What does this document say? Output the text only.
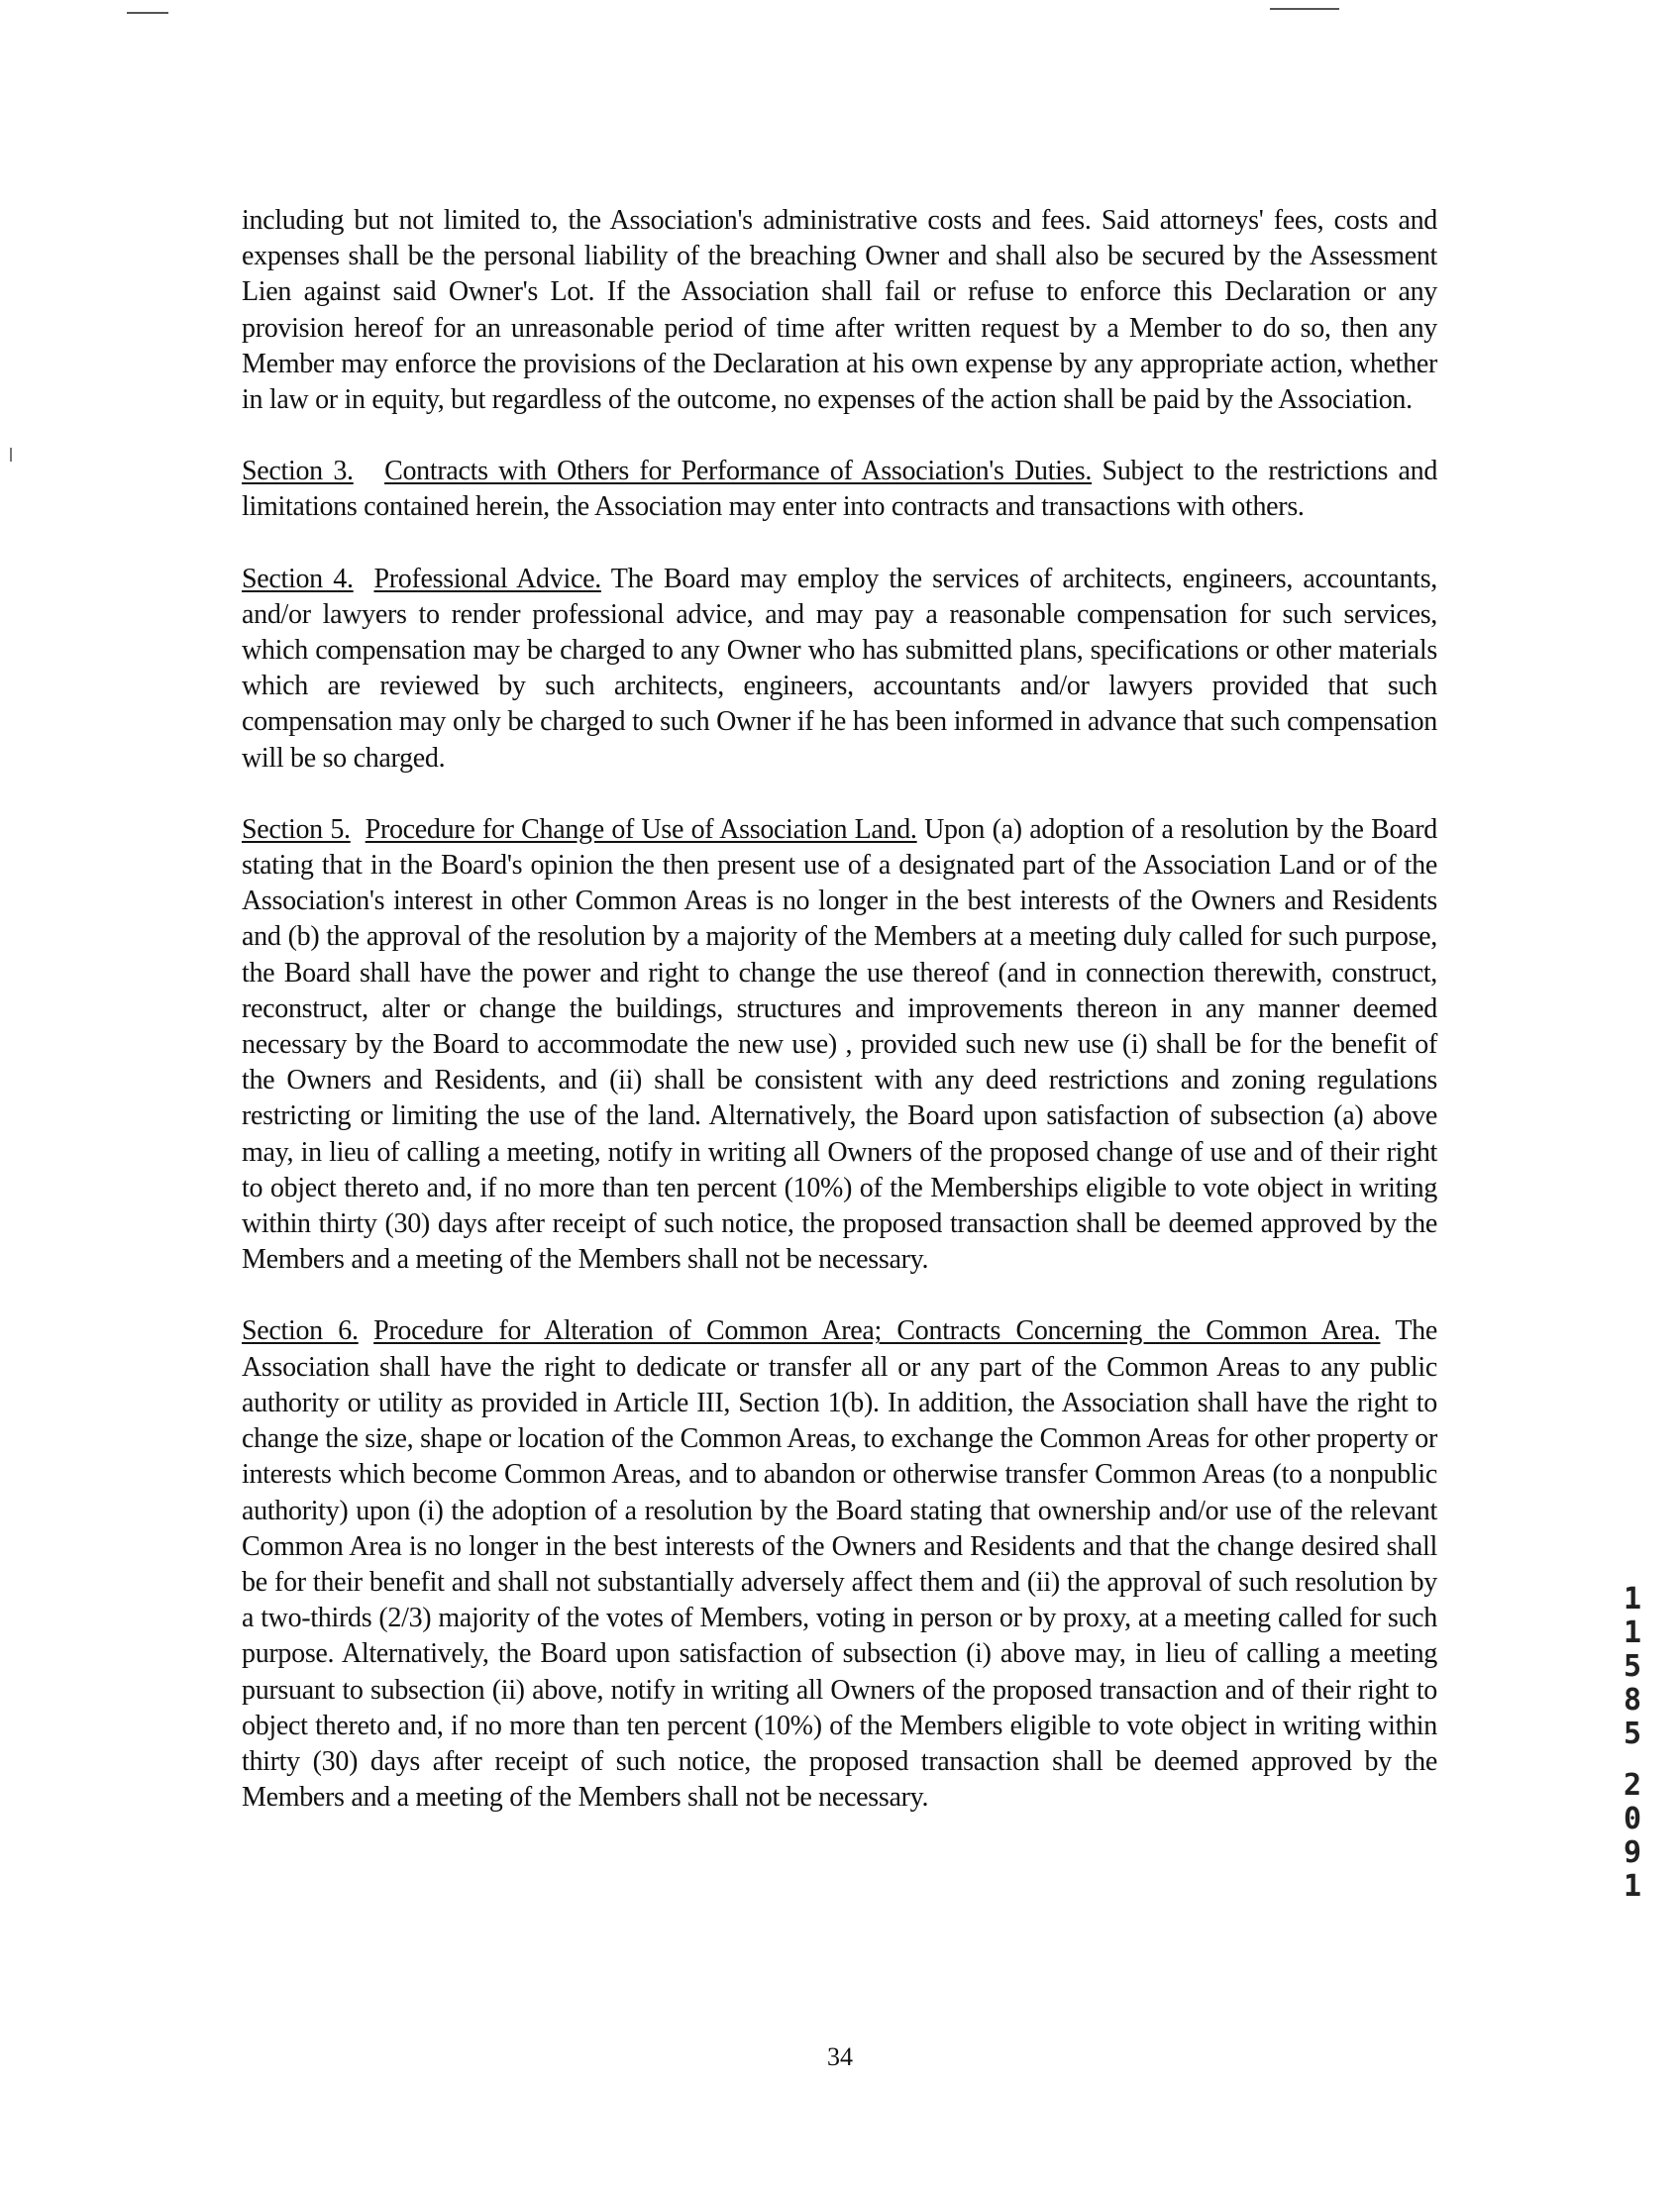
including but not limited to, the Association's administrative costs and fees. Said attorneys' fees, costs and expenses shall be the personal liability of the breaching Owner and shall also be secured by the Assessment Lien against said Owner's Lot. If the Association shall fail or refuse to enforce this Declaration or any provision hereof for an unreasonable period of time after written request by a Member to do so, then any Member may enforce the provisions of the Declaration at his own expense by any appropriate action, whether in law or in equity, but regardless of the outcome, no expenses of the action shall be paid by the Association.

Section 3. Contracts with Others for Performance of Association's Duties. Subject to the restrictions and limitations contained herein, the Association may enter into contracts and transactions with others.

Section 4. Professional Advice. The Board may employ the services of architects, engineers, accountants, and/or lawyers to render professional advice, and may pay a reasonable compensation for such services, which compensation may be charged to any Owner who has submitted plans, specifications or other materials which are reviewed by such architects, engineers, accountants and/or lawyers provided that such compensation may only be charged to such Owner if he has been informed in advance that such compensation will be so charged.

Section 5. Procedure for Change of Use of Association Land. Upon (a) adoption of a resolution by the Board stating that in the Board's opinion the then present use of a designated part of the Association Land or of the Association's interest in other Common Areas is no longer in the best interests of the Owners and Residents and (b) the approval of the resolution by a majority of the Members at a meeting duly called for such purpose, the Board shall have the power and right to change the use thereof (and in connection therewith, construct, reconstruct, alter or change the buildings, structures and improvements thereon in any manner deemed necessary by the Board to accommodate the new use) , provided such new use (i) shall be for the benefit of the Owners and Residents, and (ii) shall be consistent with any deed restrictions and zoning regulations restricting or limiting the use of the land. Alternatively, the Board upon satisfaction of subsection (a) above may, in lieu of calling a meeting, notify in writing all Owners of the proposed change of use and of their right to object thereto and, if no more than ten percent (10%) of the Memberships eligible to vote object in writing within thirty (30) days after receipt of such notice, the proposed transaction shall be deemed approved by the Members and a meeting of the Members shall not be necessary.

Section 6. Procedure for Alteration of Common Area; Contracts Concerning the Common Area. The Association shall have the right to dedicate or transfer all or any part of the Common Areas to any public authority or utility as provided in Article III, Section 1(b). In addition, the Association shall have the right to change the size, shape or location of the Common Areas, to exchange the Common Areas for other property or interests which become Common Areas, and to abandon or otherwise transfer Common Areas (to a nonpublic authority) upon (i) the adoption of a resolution by the Board stating that ownership and/or use of the relevant Common Area is no longer in the best interests of the Owners and Residents and that the change desired shall be for their benefit and shall not substantially adversely affect them and (ii) the approval of such resolution by a two-thirds (2/3) majority of the votes of Members, voting in person or by proxy, at a meeting called for such purpose. Alternatively, the Board upon satisfaction of subsection (i) above may, in lieu of calling a meeting pursuant to subsection (ii) above, notify in writing all Owners of the proposed transaction and of their right to object thereto and, if no more than ten percent (10%) of the Members eligible to vote object in writing within thirty (30) days after receipt of such notice, the proposed transaction shall be deemed approved by the Members and a meeting of the Members shall not be necessary.

1
1
5
8
5
2
0
9
1
34
